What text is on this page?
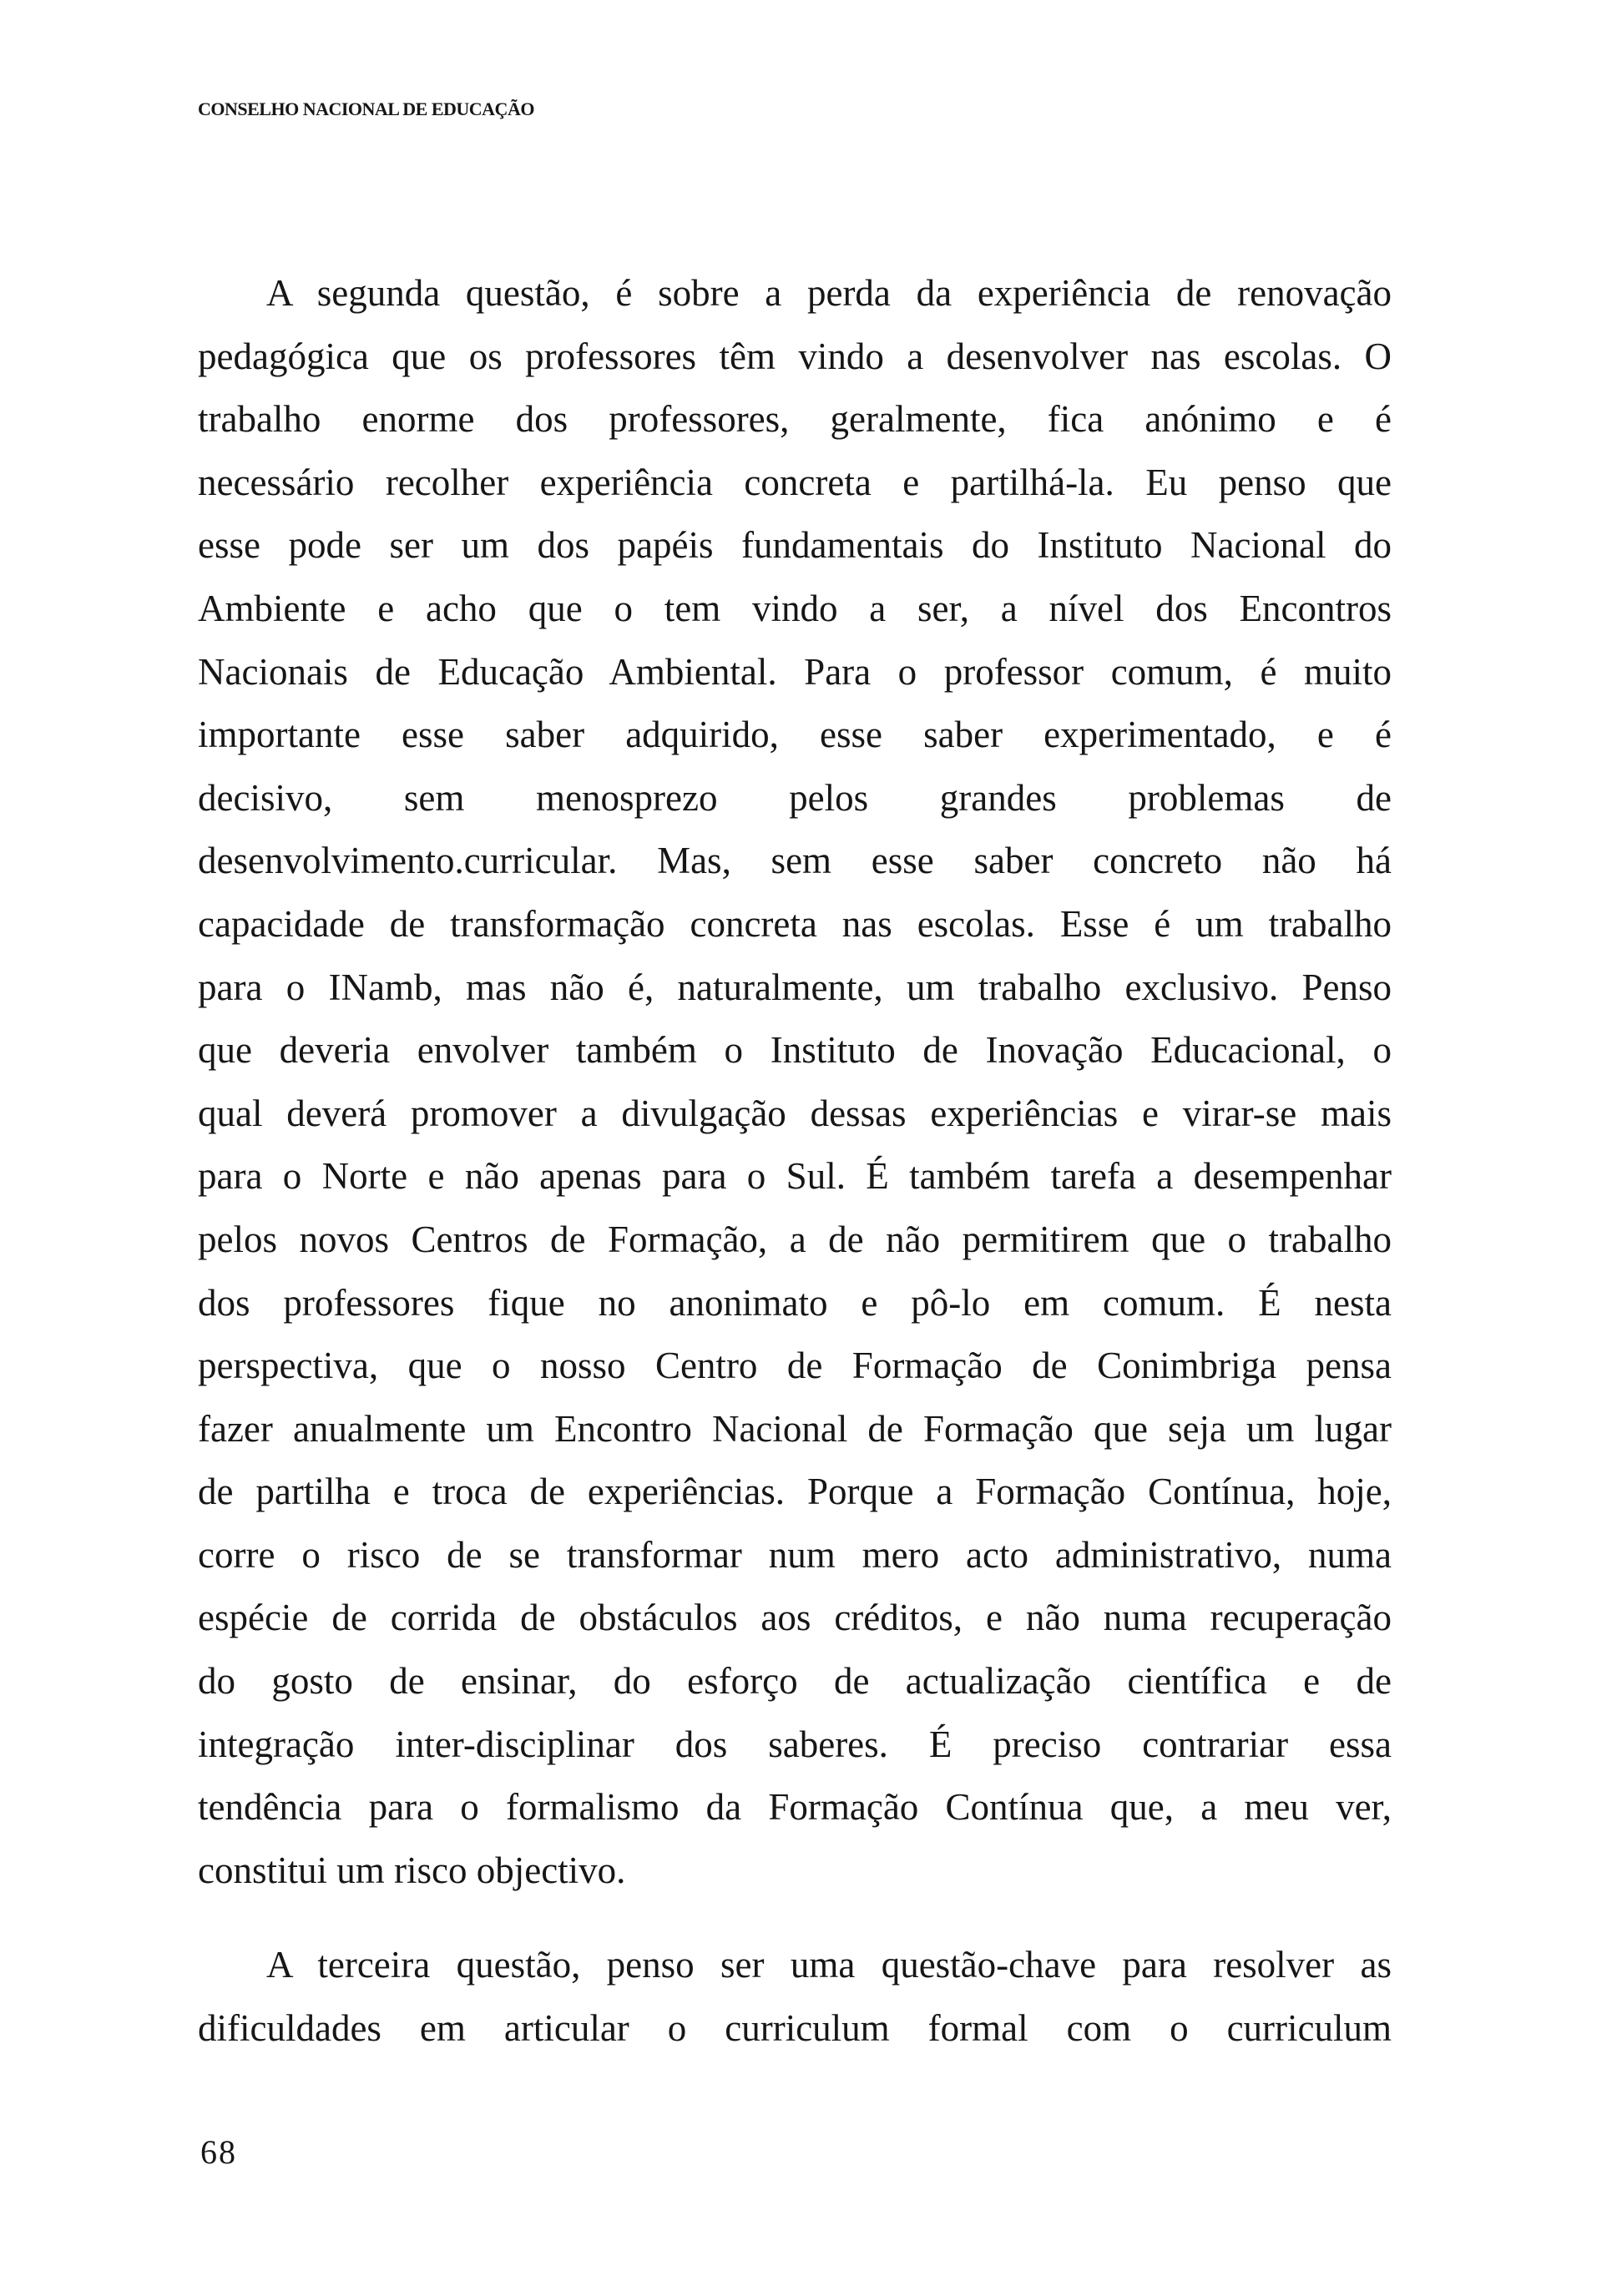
CONSELHO NACIONAL DE EDUCAÇÃO
A segunda questão, é sobre a perda da experiência de renovação
pedagógica que os professores têm vindo a desenvolver nas escolas. O
trabalho enorme dos professores, geralmente, fica anónimo e é
necessário recolher experiência concreta e partilhá-la. Eu penso que
esse pode ser um dos papéis fundamentais do Instituto Nacional do
Ambiente e acho que o tem vindo a ser, a nível dos Encontros
Nacionais de Educação Ambiental. Para o professor comum, é muito
importante esse saber adquirido, esse saber experimentado, e é
decisivo, sem menosprezo pelos grandes problemas de
desenvolvimento.curricular. Mas, sem esse saber concreto não há
capacidade de transformação concreta nas escolas. Esse é um trabalho
para o INamb, mas não é, naturalmente, um trabalho exclusivo. Penso
que deveria envolver também o Instituto de Inovação Educacional, o
qual deverá promover a divulgação dessas experiências e virar-se mais
para o Norte e não apenas para o Sul. É também tarefa a desempenhar
pelos novos Centros de Formação, a de não permitirem que o trabalho
dos professores fique no anonimato e pô-lo em comum. É nesta
perspectiva, que o nosso Centro de Formação de Conimbriga pensa
fazer anualmente um Encontro Nacional de Formação que seja um lugar
de partilha e troca de experiências. Porque a Formação Contínua, hoje,
corre o risco de se transformar num mero acto administrativo, numa
espécie de corrida de obstáculos aos créditos, e não numa recuperação
do gosto de ensinar, do esforço de actualização científica e de
integração inter-disciplinar dos saberes. É preciso contrariar essa
tendência para o formalismo da Formação Contínua que, a meu ver,
constitui um risco objectivo.
A terceira questão, penso ser uma questão-chave para resolver as
dificuldades em articular o curriculum formal com o curriculum
68
